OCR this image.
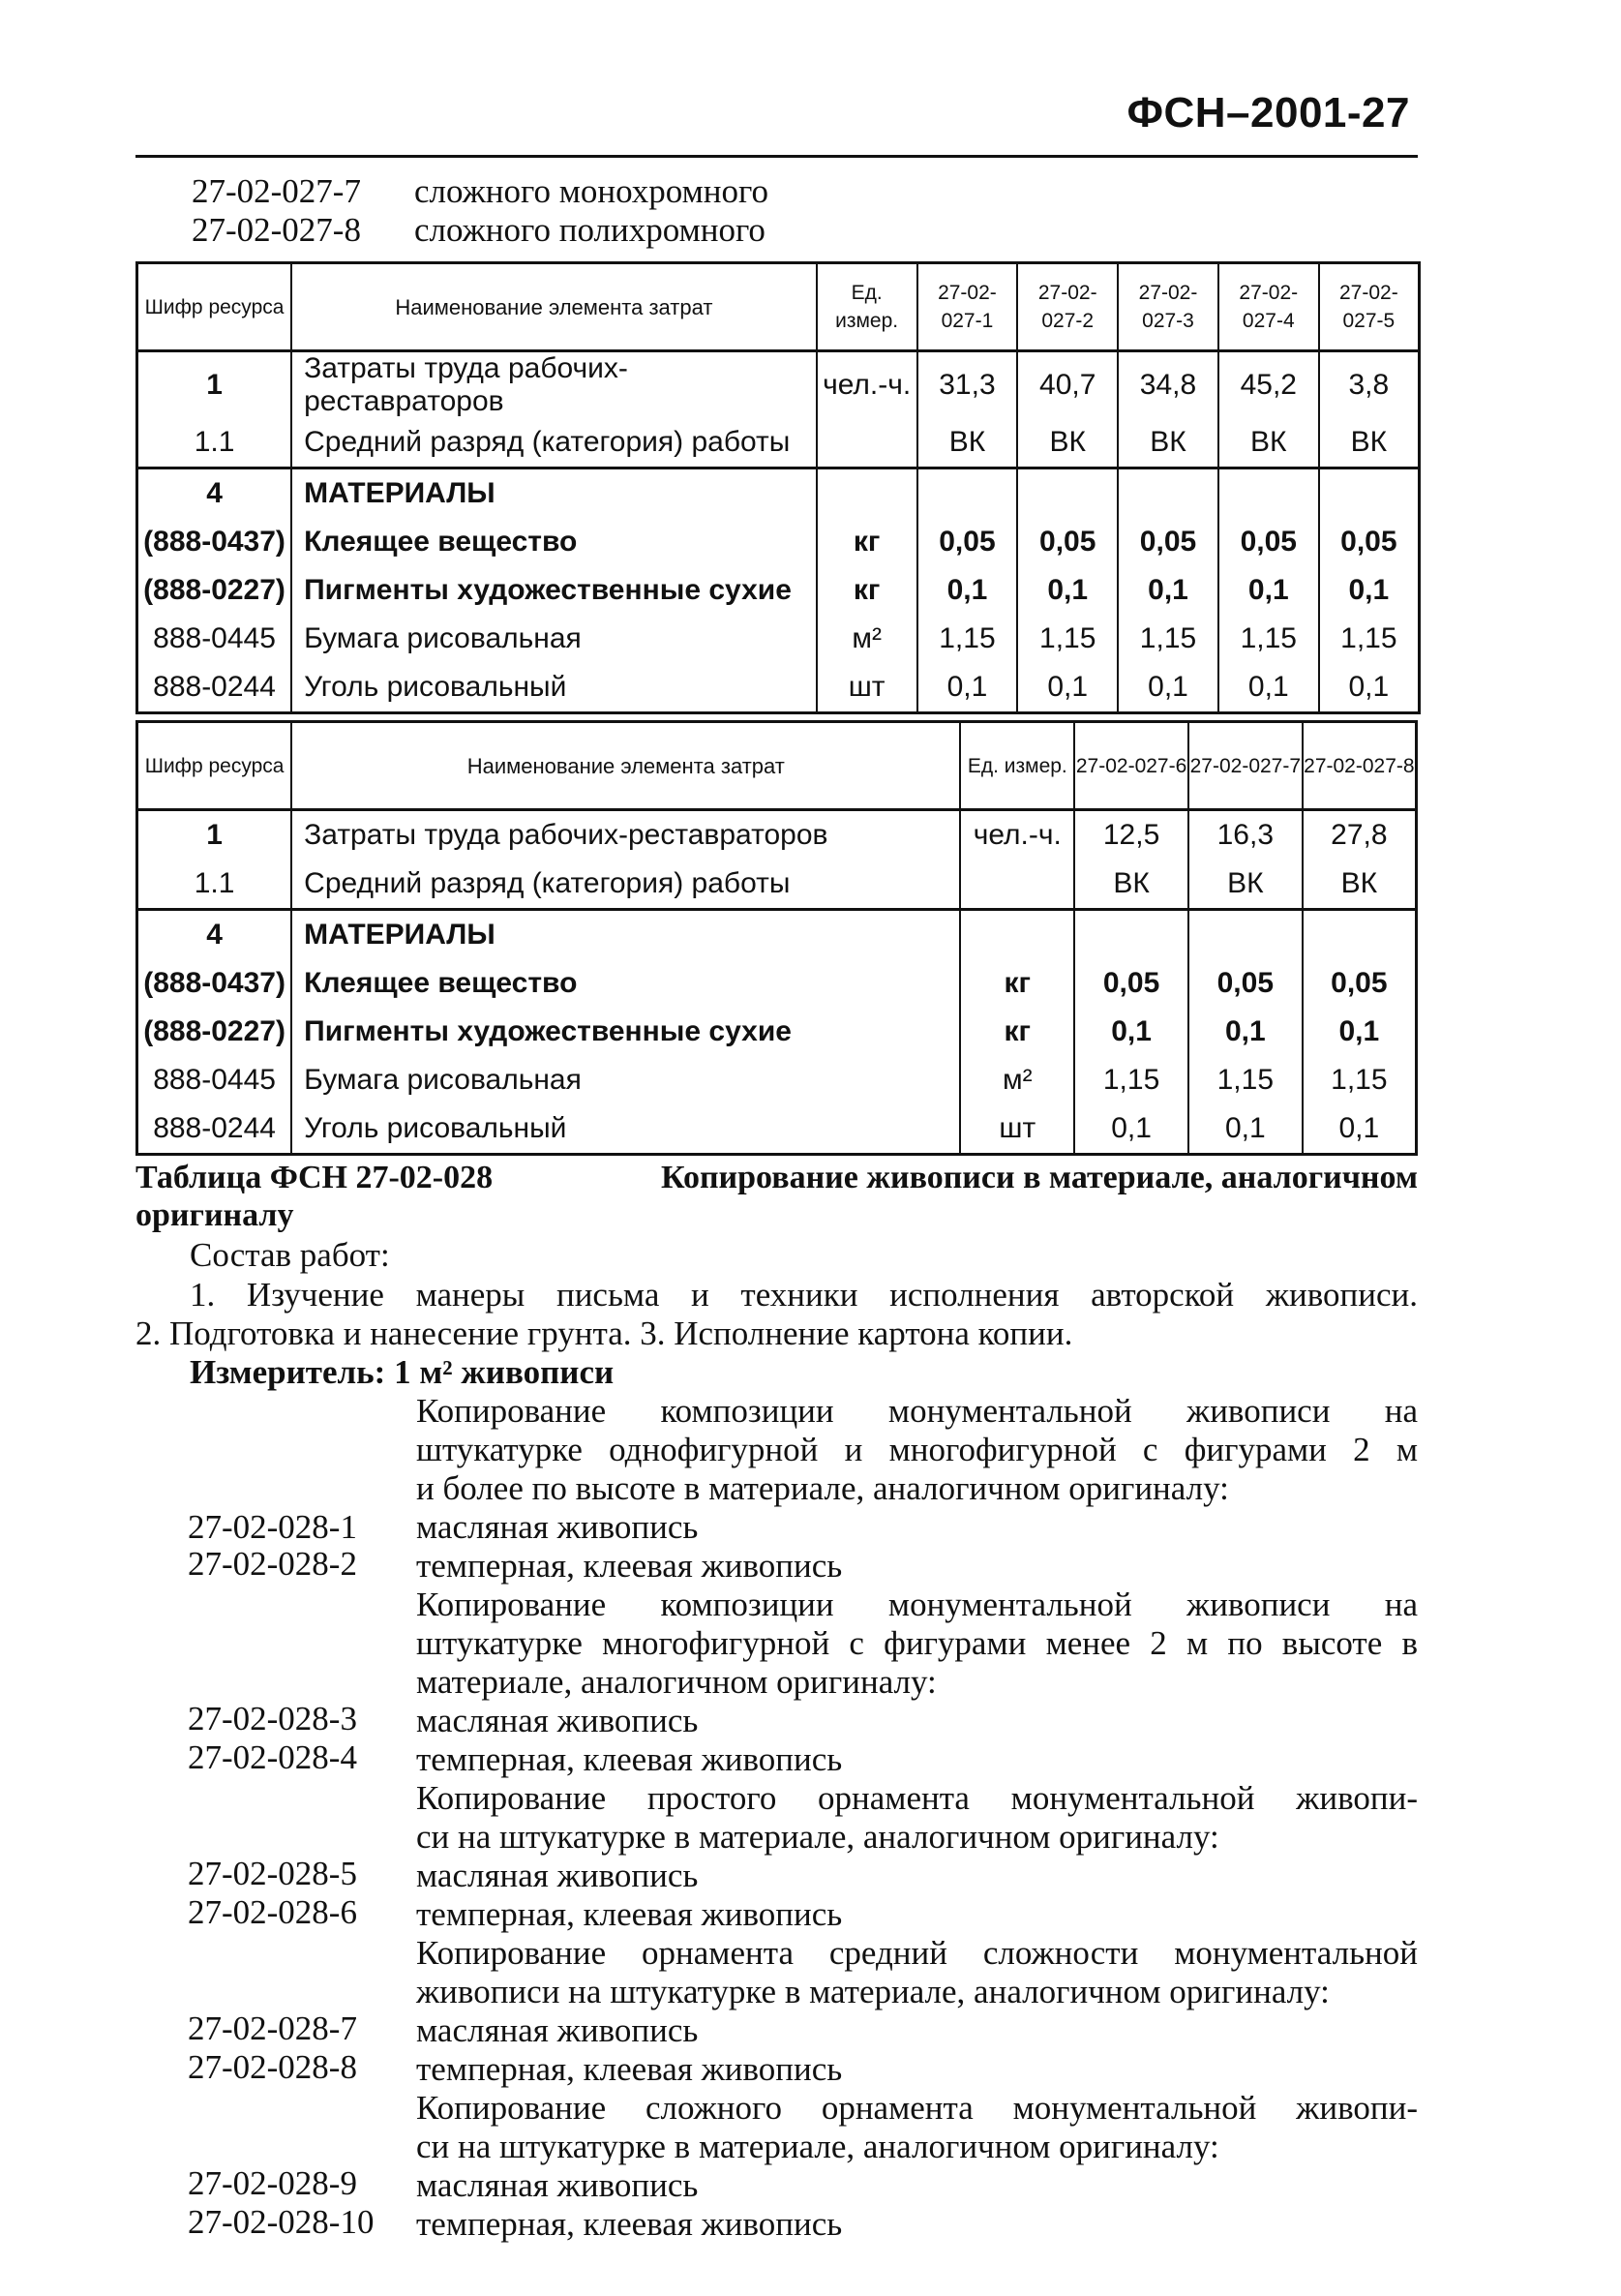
ФСН–2001-27
27-02-027-7 сложного монохромного
27-02-027-8 сложного полихромного
Шифр ресурса	Наименование элемента затрат	Ед. измер.	27-02-027-1	27-02-027-2	27-02-027-3	27-02-027-4	27-02-027-5
1	Затраты труда рабочих-реставраторов	чел.-ч.	31,3	40,7	34,8	45,2	3,8
1.1	Средний разряд (категория) работы		ВК	ВК	ВК	ВК	ВК
4	МАТЕРИАЛЫ						
(888-0437)	Клеящее вещество	кг	0,05	0,05	0,05	0,05	0,05
(888-0227)	Пигменты художественные сухие	кг	0,1	0,1	0,1	0,1	0,1
888-0445	Бумага рисовальная	м²	1,15	1,15	1,15	1,15	1,15
888-0244	Уголь рисовальный	шт	0,1	0,1	0,1	0,1	0,1
Шифр ресурса	Наименование элемента затрат	Ед. измер.	27-02-027-6	27-02-027-7	27-02-027-8
1	Затраты труда рабочих-реставраторов	чел.-ч.	12,5	16,3	27,8
1.1	Средний разряд (категория) работы		ВК	ВК	ВК
4	МАТЕРИАЛЫ				
(888-0437)	Клеящее вещество	кг	0,05	0,05	0,05
(888-0227)	Пигменты художественные сухие	кг	0,1	0,1	0,1
888-0445	Бумага рисовальная	м²	1,15	1,15	1,15
888-0244	Уголь рисовальный	шт	0,1	0,1	0,1
Таблица ФСН 27-02-028	Копирование живописи в материале, аналогичном
оригиналу
Состав работ:
1. Изучение манеры письма и техники исполнения авторской живописи.
2. Подготовка и нанесение грунта. 3. Исполнение картона копии.
Измеритель: 1 м² живописи
Копирование композиции монументальной живописи на
штукатурке однофигурной и многофигурной с фигурами 2 м
и более по высоте в материале, аналогичном оригиналу:
27-02-028-1 масляная живопись
27-02-028-2 темперная, клеевая живопись
Копирование композиции монументальной живописи на
штукатурке многофигурной с фигурами менее 2 м по высоте в
материале, аналогичном оригиналу:
27-02-028-3 масляная живопись
27-02-028-4 темперная, клеевая живопись
Копирование простого орнамента монументальной живопи-
си на штукатурке в материале, аналогичном оригиналу:
27-02-028-5 масляная живопись
27-02-028-6 темперная, клеевая живопись
Копирование орнамента средний сложности монументальной
живописи на штукатурке в материале, аналогичном оригиналу:
27-02-028-7 масляная живопись
27-02-028-8 темперная, клеевая живопись
Копирование сложного орнамента монументальной живопи-
си на штукатурке в материале, аналогичном оригиналу:
27-02-028-9 масляная живопись
27-02-028-10 темперная, клеевая живопись
